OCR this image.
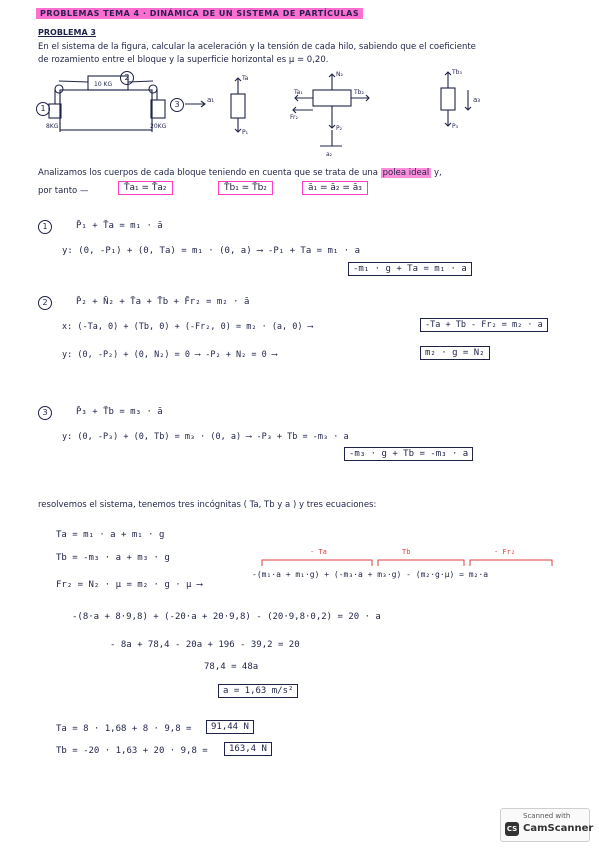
PROBLEMAS TEMA 4 · DINÁMICA DE UN SISTEMA DE PARTÍCULAS
PROBLEMA 3
En el sistema de la figura, calcular la aceleración y la tensión de cada hilo, sabiendo que el coeficiente
de rozamiento entre el bloque y la superficie horizontal es μ = 0,20.
10 KG
8KG	20KG
a₁
Ta
P₁
N₂
Ta₁	Tb₂
Fr₂
P₂
a₂
Tb₃
P₃
a₃
1
2
3
Analizamos los cuerpos de cada bloque teniendo en cuenta que se trata de una polea ideal y,
por tanto —	T̄a₁ = T̄a₂	T̄b₁ = T̄b₂	ā₁ = ā₂ = ā₃
1	P̄₁ + T̄a = m₁ · ā
y: (0, -P₁) + (0, Ta) = m₁ · (0, a) ⟶ -P₁ + Ta = m₁ · a
-m₁ · g + Ta = m₁ · a
2	P̄₂ + N̄₂ + T̄a + T̄b + F̄r₂ = m₂ · ā
x: (-Ta, 0) + (Tb, 0) + (-Fr₂, 0) = m₂ · (a, 0) ⟶	-Ta + Tb - Fr₂ = m₂ · a
y: (0, -P₂) + (0, N₂) = 0 ⟶ -P₂ + N₂ = 0 ⟶	m₂ · g = N₂
3	P̄₃ + T̄b = m₃ · ā
y: (0, -P₃) + (0, Tb) = m₃ · (0, a) ⟶ -P₃ + Tb = -m₃ · a
-m₃ · g + Tb = -m₃ · a
resolvemos el sistema, tenemos tres incógnitas ( Ta, Tb y a ) y tres ecuaciones:
Ta = m₁ · a + m₁ · g
Tb = -m₃ · a + m₃ · g
Fr₂ = N₂ · μ = m₂ · g · μ ⟶
- Ta	Tb	- Fr₂
-(m₁·a + m₁·g) + (-m₃·a + m₃·g) - (m₂·g·μ) = m₂·a
-(8·a + 8·9,8) + (-20·a + 20·9,8) - (20·9,8·0,2) = 20 · a
- 8a + 78,4 - 20a + 196 - 39,2 = 20
78,4 = 48a
a = 1,63 m/s²
Ta = 8 · 1,68 + 8 · 9,8 =	91,44 N
Tb = -20 · 1,63 + 20 · 9,8 =	163,4 N
CS
Scanned with
CamScanner
